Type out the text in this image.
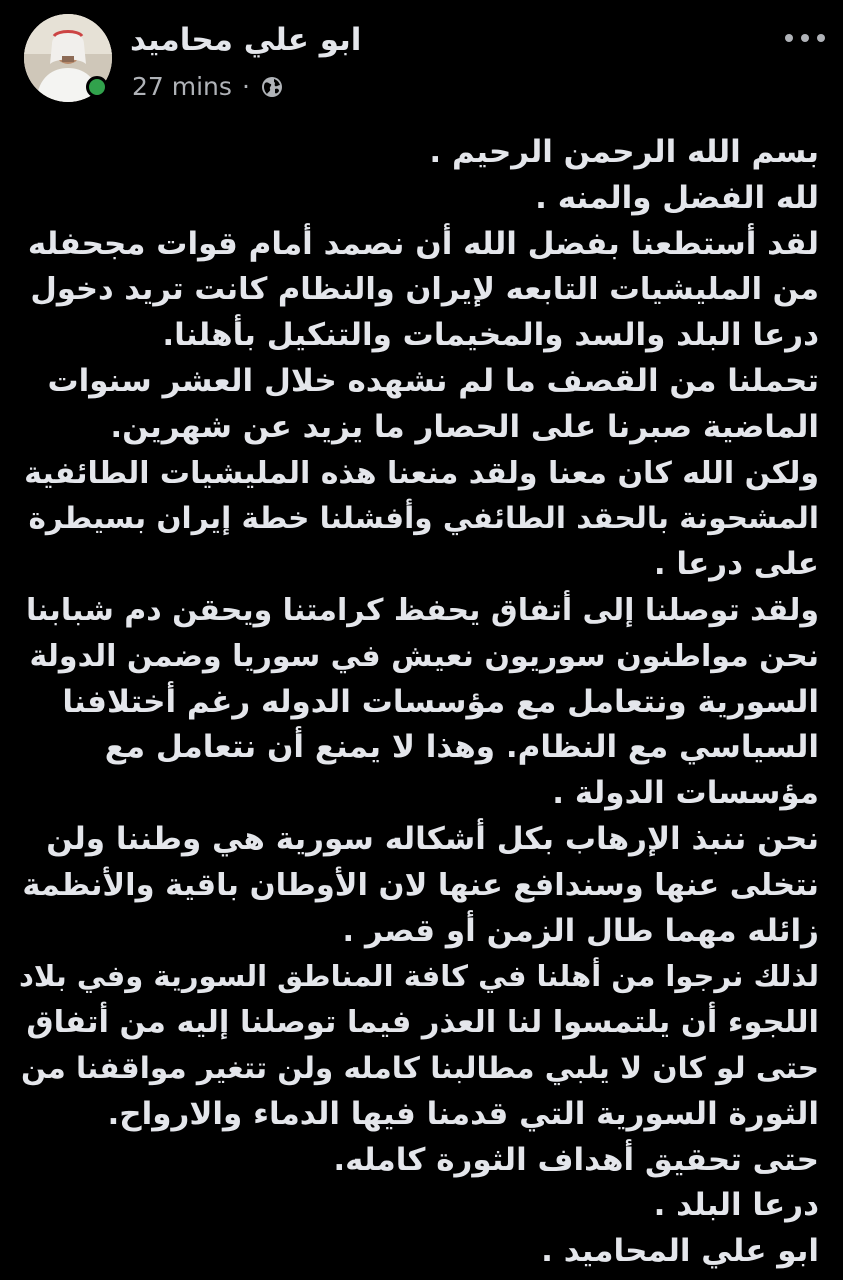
ابو علي محاميد
27 mins ·
بسم الله الرحمن الرحيم .
لله الفضل والمنه .
لقد أستطعنا بفضل الله أن نصمد أمام قوات مجحفله
من المليشيات التابعه لإيران والنظام كانت تريد دخول
درعا البلد والسد والمخيمات والتنكيل بأهلنا.
تحملنا من القصف ما لم نشهده خلال العشر سنوات
الماضية صبرنا على الحصار ما يزيد عن شهرين.
ولكن الله كان معنا ولقد منعنا هذه المليشيات الطائفية
المشحونة بالحقد الطائفي وأفشلنا خطة إيران بسيطرة
على درعا .
ولقد توصلنا إلى أتفاق يحفظ كرامتنا ويحقن دم شبابنا
نحن مواطنون سوريون نعيش في سوريا وضمن الدولة
السورية ونتعامل مع مؤسسات الدوله رغم أختلافنا
السياسي مع النظام. وهذا لا يمنع أن نتعامل مع
مؤسسات الدولة .
نحن ننبذ الإرهاب بكل أشكاله سورية هي وطننا ولن
نتخلى عنها وسندافع عنها لان الأوطان باقية والأنظمة
زائله مهما طال الزمن أو قصر .
لذلك نرجوا من أهلنا في كافة المناطق السورية وفي بلاد
اللجوء أن يلتمسوا لنا العذر فيما توصلنا إليه من أتفاق
حتى لو كان لا يلبي مطالبنا كامله ولن تتغير مواقفنا من
الثورة السورية التي قدمنا فيها الدماء والارواح.
حتى تحقيق أهداف الثورة كامله.
درعا البلد .
ابو علي المحاميد .
